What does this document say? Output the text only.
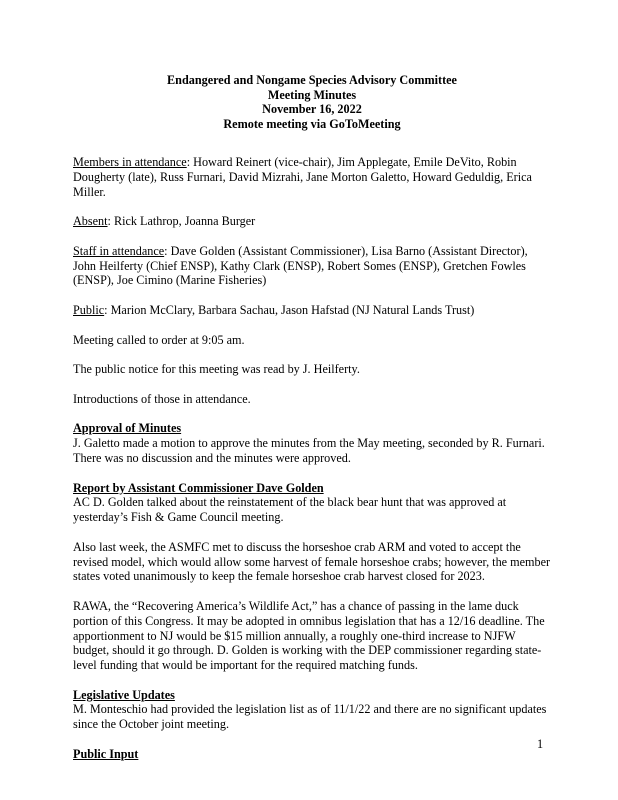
Endangered and Nongame Species Advisory Committee
Meeting Minutes
November 16, 2022
Remote meeting via GoToMeeting

Members in attendance: Howard Reinert (vice-chair), Jim Applegate, Emile DeVito, Robin Dougherty (late), Russ Furnari, David Mizrahi, Jane Morton Galetto, Howard Geduldig, Erica Miller.

Absent: Rick Lathrop, Joanna Burger

Staff in attendance: Dave Golden (Assistant Commissioner), Lisa Barno (Assistant Director), John Heilferty (Chief ENSP), Kathy Clark (ENSP), Robert Somes (ENSP), Gretchen Fowles (ENSP), Joe Cimino (Marine Fisheries)

Public: Marion McClary, Barbara Sachau, Jason Hafstad (NJ Natural Lands Trust)

Meeting called to order at 9:05 am.

The public notice for this meeting was read by J. Heilferty.

Introductions of those in attendance.

Approval of Minutes
J. Galetto made a motion to approve the minutes from the May meeting, seconded by R. Furnari. There was no discussion and the minutes were approved.
Report by Assistant Commissioner Dave Golden
AC D. Golden talked about the reinstatement of the black bear hunt that was approved at yesterday’s Fish & Game Council meeting.

Also last week, the ASMFC met to discuss the horseshoe crab ARM and voted to accept the revised model, which would allow some harvest of female horseshoe crabs; however, the member states voted unanimously to keep the female horseshoe crab harvest closed for 2023.

RAWA, the “Recovering America’s Wildlife Act,” has a chance of passing in the lame duck portion of this Congress. It may be adopted in omnibus legislation that has a 12/16 deadline. The apportionment to NJ would be $15 million annually, a roughly one-third increase to NJFW budget, should it go through. D. Golden is working with the DEP commissioner regarding state-level funding that would be important for the required matching funds.

Legislative Updates
M. Monteschio had provided the legislation list as of 11/1/22 and there are no significant updates since the October joint meeting.
Public Input
1
